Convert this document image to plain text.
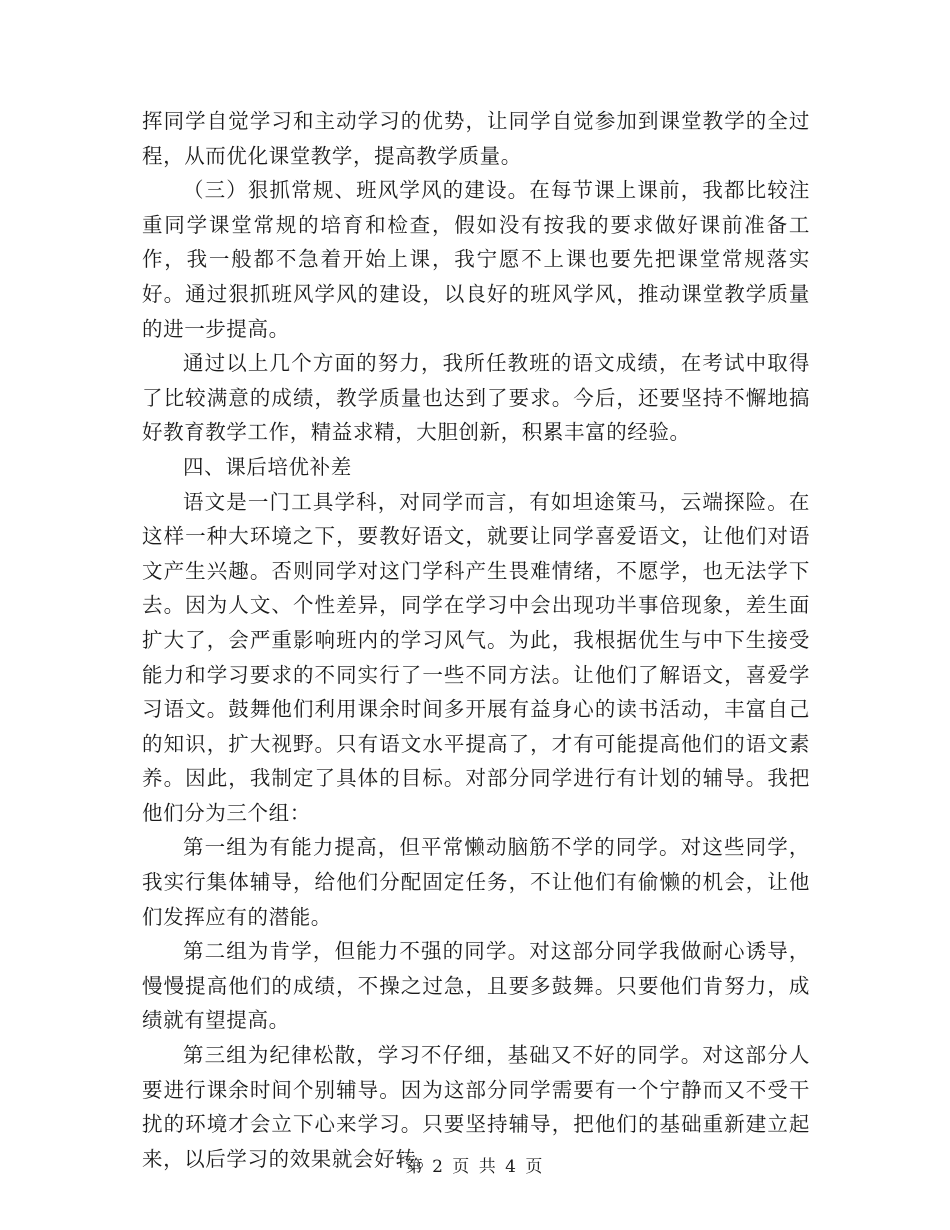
挥同学自觉学习和主动学习的优势，让同学自觉参加到课堂教学的全过程，从而优化课堂教学，提高教学质量。

（三）狠抓常规、班风学风的建设。在每节课上课前，我都比较注重同学课堂常规的培育和检查，假如没有按我的要求做好课前准备工作，我一般都不急着开始上课，我宁愿不上课也要先把课堂常规落实好。通过狠抓班风学风的建设，以良好的班风学风，推动课堂教学质量的进一步提高。

通过以上几个方面的努力，我所任教班的语文成绩，在考试中取得了比较满意的成绩，教学质量也达到了要求。今后，还要坚持不懈地搞好教育教学工作，精益求精，大胆创新，积累丰富的经验。

四、课后培优补差

语文是一门工具学科，对同学而言，有如坦途策马，云端探险。在这样一种大环境之下，要教好语文，就要让同学喜爱语文，让他们对语文产生兴趣。否则同学对这门学科产生畏难情绪，不愿学，也无法学下去。因为人文、个性差异，同学在学习中会出现功半事倍现象，差生面扩大了，会严重影响班内的学习风气。为此，我根据优生与中下生接受能力和学习要求的不同实行了一些不同方法。让他们了解语文，喜爱学习语文。鼓舞他们利用课余时间多开展有益身心的读书活动，丰富自己的知识，扩大视野。只有语文水平提高了，才有可能提高他们的语文素养。因此，我制定了具体的目标。对部分同学进行有计划的辅导。我把他们分为三个组：

第一组为有能力提高，但平常懒动脑筋不学的同学。对这些同学，我实行集体辅导，给他们分配固定任务，不让他们有偷懒的机会，让他们发挥应有的潜能。

第二组为肯学，但能力不强的同学。对这部分同学我做耐心诱导，慢慢提高他们的成绩，不操之过急，且要多鼓舞。只要他们肯努力，成绩就有望提高。

第三组为纪律松散，学习不仔细，基础又不好的同学。对这部分人要进行课余时间个别辅导。因为这部分同学需要有一个宁静而又不受干扰的环境才会立下心来学习。只要坚持辅导，把他们的基础重新建立起来，以后学习的效果就会好转。

第 2 页 共 4 页
